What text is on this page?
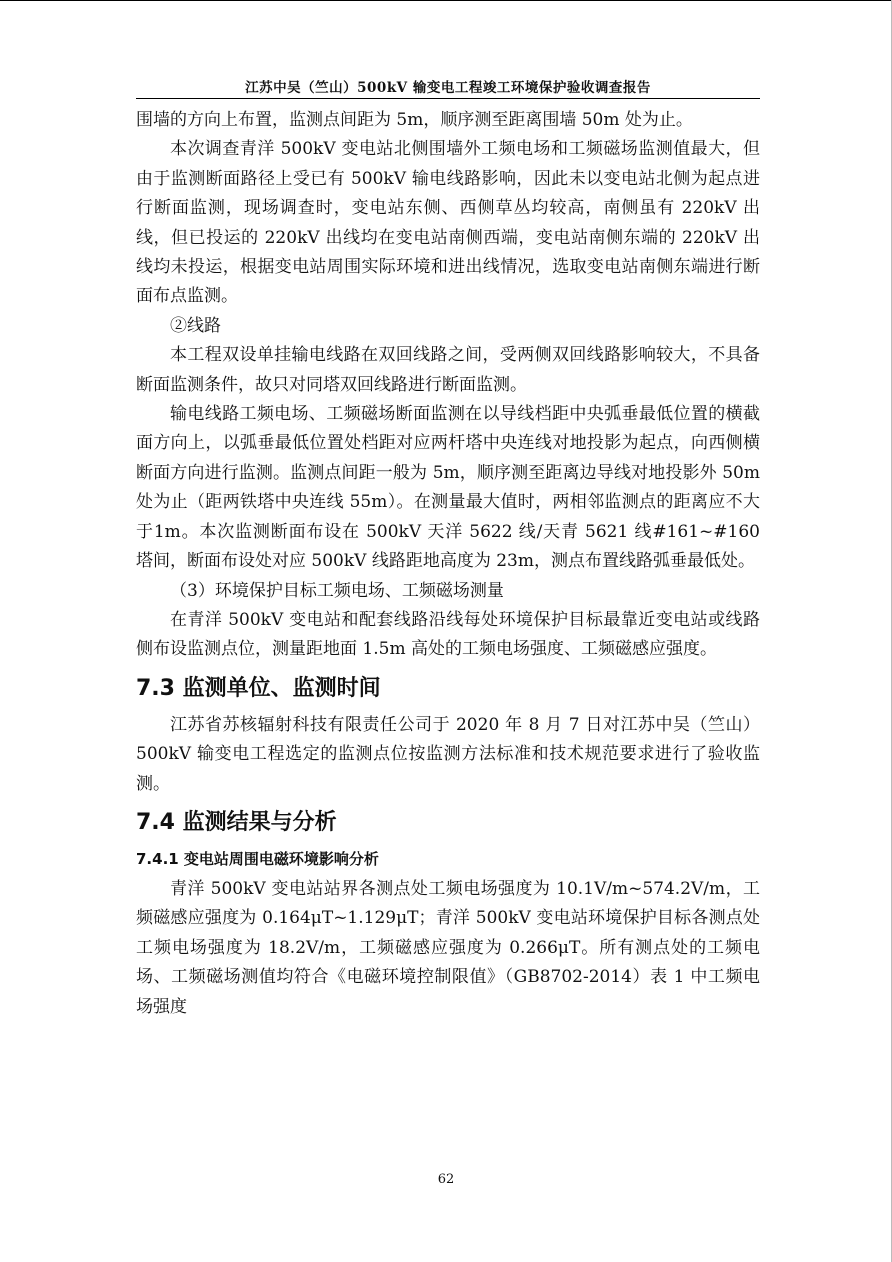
江苏中吴（竺山）500kV 输变电工程竣工环境保护验收调查报告

围墙的方向上布置，监测点间距为 5m，顺序测至距离围墙 50m 处为止。

本次调查青洋 500kV 变电站北侧围墙外工频电场和工频磁场监测值最大，但由于监测断面路径上受已有 500kV 输电线路影响，因此未以变电站北侧为起点进行断面监测，现场调查时，变电站东侧、西侧草丛均较高，南侧虽有 220kV 出线，但已投运的 220kV 出线均在变电站南侧西端，变电站南侧东端的 220kV 出线均未投运，根据变电站周围实际环境和进出线情况，选取变电站南侧东端进行断面布点监测。

②线路

本工程双设单挂输电线路在双回线路之间，受两侧双回线路影响较大，不具备断面监测条件，故只对同塔双回线路进行断面监测。

输电线路工频电场、工频磁场断面监测在以导线档距中央弧垂最低位置的横截面方向上，以弧垂最低位置处档距对应两杆塔中央连线对地投影为起点，向西侧横断面方向进行监测。监测点间距一般为 5m，顺序测至距离边导线对地投影外 50m 处为止（距两铁塔中央连线 55m）。在测量最大值时，两相邻监测点的距离应不大于1m。本次监测断面布设在 500kV 天洋 5622 线/天青 5621 线#161~#160 塔间，断面布设处对应 500kV 线路距地高度为 23m，测点布置线路弧垂最低处。

（3）环境保护目标工频电场、工频磁场测量

在青洋 500kV 变电站和配套线路沿线每处环境保护目标最靠近变电站或线路侧布设监测点位，测量距地面 1.5m 高处的工频电场强度、工频磁感应强度。

7.3 监测单位、监测时间

江苏省苏核辐射科技有限责任公司于 2020 年 8 月 7 日对江苏中吴（竺山）500kV 输变电工程选定的监测点位按监测方法标准和技术规范要求进行了验收监测。

7.4 监测结果与分析
7.4.1 变电站周围电磁环境影响分析

青洋 500kV 变电站站界各测点处工频电场强度为 10.1V/m~574.2V/m，工频磁感应强度为 0.164μT~1.129μT；青洋 500kV 变电站环境保护目标各测点处工频电场强度为 18.2V/m，工频磁感应强度为 0.266μT。所有测点处的工频电场、工频磁场测值均符合《电磁环境控制限值》（GB8702-2014）表 1 中工频电场强度

62
